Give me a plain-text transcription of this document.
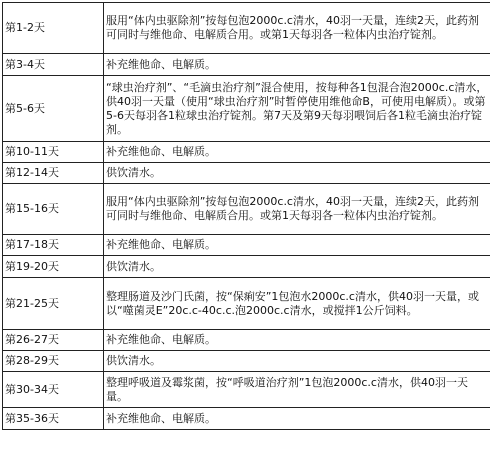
第1-2天	服用“体内虫驱除剂”按每包泡2000c.c清水，40羽一天量，连续2天，此药剂可同时与维他命、电解质合用。或第1天每羽各一粒体内虫治疗锭剂。
第3-4天	补充维他命、电解质。
第5-6天	“球虫治疗剂”、“毛滴虫治疗剂”混合使用，按每种各1包混合泡2000c.c清水，供40羽一天量（使用“球虫治疗剂”时暂停使用维他命B，可使用电解质）。或第5-6天每羽各1粒球虫治疗锭剂。第7天及第9天每羽喂饲后各1粒毛滴虫治疗锭剂。
第10-11天	补充维他命、电解质。
第12-14天	供饮清水。
第15-16天	服用“体内虫驱除剂”按每包泡2000c.c清水，40羽一天量，连续2天，此药剂可同时与维他命、电解质合用。或第1天每羽各一粒体内虫治疗锭剂。
第17-18天	补充维他命、电解质。
第19-20天	供饮清水。
第21-25天	整理肠道及沙门氏菌，按“保痢安”1包泡水2000c.c清水，供40羽一天量，或以“噬菌灵E”20c.c-40c.c.泡2000c.c清水，或搅拌1公斤饲料。
第26-27天	补充维他命、电解质。
第28-29天	供饮清水。
第30-34天	整理呼吸道及霉浆菌，按“呼吸道治疗剂”1包泡2000c.c清水，供40羽一天量。
第35-36天	补充维他命、电解质。
